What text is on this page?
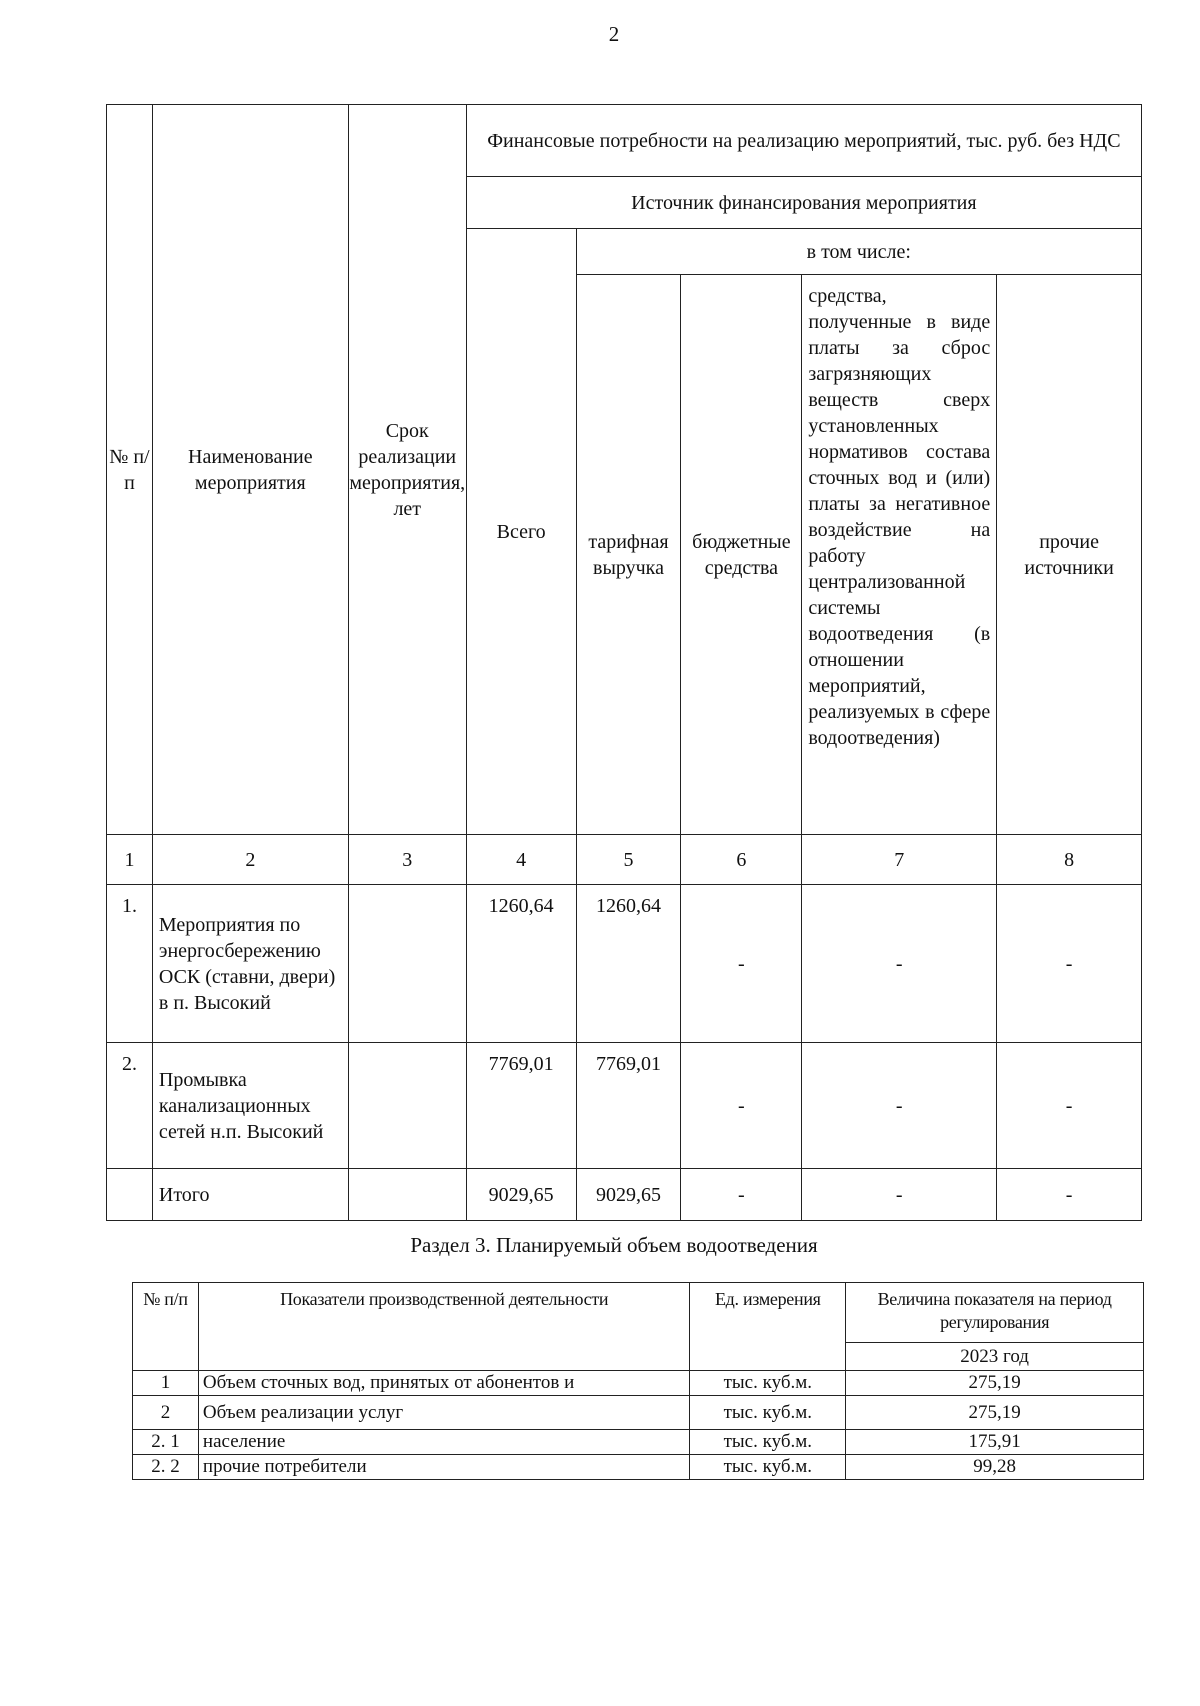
2
№ п/п	Наименование мероприятия	Срок реализации мероприятия, лет	Финансовые потребности на реализацию мероприятий, тыс. руб. без НДС				
			Источник финансирования мероприятия				
			Всего	в том числе:			
				тарифная выручка	бюджетные средства	средства, полученные в виде платы за сброс загрязняющих веществ сверх установленных нормативов состава сточных вод и (или) платы за негативное воздействие на работу централизованной системы водоотведения (в отношении мероприятий, реализуемых в сфере водоотведения)	прочие источники
1	2	3	4	5	6	7	8
1.	Мероприятия по энергосбережению ОСК (ставни, двери) в п. Высокий		1260,64	1260,64	-	-	-
2.	Промывка канализационных сетей н.п. Высокий		7769,01	7769,01	-	-	-
	Итого		9029,65	9029,65	-	-	-
Раздел 3. Планируемый объем водоотведения
№ п/п	Показатели производственной деятельности	Ед. измерения	Величина показателя на период регулирования
			2023 год
1	Объем сточных вод, принятых от абонентов и	тыс. куб.м.	275,19
2	Объем реализации услуг	тыс. куб.м.	275,19
2. 1	население	тыс. куб.м.	175,91
2. 2	прочие потребители	тыс. куб.м.	99,28
